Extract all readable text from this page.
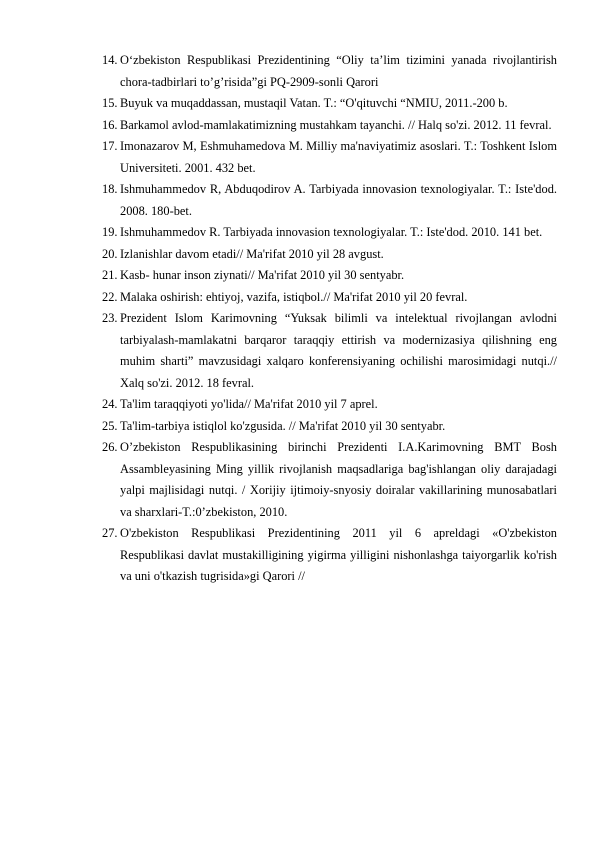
14. O‘zbekiston Respublikasi Prezidentining “Oliy ta’lim tizimini yanada rivojlantirish chora-tadbirlari to’g’risida”gi PQ-2909-sonli Qarori
15. Buyuk va muqaddassan, mustaqil Vatan. T.: “O'qituvchi “NMIU, 2011.-200 b.
16. Barkamol avlod-mamlakatimizning mustahkam tayanchi. // Halq so'zi. 2012. 11 fevral.
17. Imonazarov M, Eshmuhamedova M. Milliy ma'naviyatimiz asoslari. T.: Toshkent Islom Universiteti. 2001. 432 bet.
18. Ishmuhammedov R, Abduqodirov A. Tarbiyada innovasion texnologiyalar. T.: Iste'dod. 2008. 180-bet.
19. Ishmuhammedov R. Tarbiyada innovasion texnologiyalar. T.: Iste'dod. 2010. 141 bet.
20. Izlanishlar davom etadi// Ma'rifat 2010 yil 28 avgust.
21. Kasb- hunar inson ziynati// Ma'rifat 2010 yil 30 sentyabr.
22. Malaka oshirish: ehtiyoj, vazifa, istiqbol.// Ma'rifat 2010 yil 20 fevral.
23. Prezident Islom Karimovning “Yuksak bilimli va intelektual rivojlangan avlodni tarbiyalash-mamlakatni barqaror taraqqiy ettirish va modernizasiya qilishning eng muhim sharti” mavzusidagi xalqaro konferensiyaning ochilishi marosimidagi nutqi.// Xalq so'zi. 2012. 18 fevral.
24. Ta'lim taraqqiyoti yo'lida// Ma'rifat 2010 yil 7 aprel.
25. Ta'lim-tarbiya istiqlol ko'zgusida. // Ma'rifat 2010 yil 30 sentyabr.
26. O’zbekiston Respublikasining birinchi Prezidenti I.A.Karimovning BMT Bosh Assambleyasining Ming yillik rivojlanish maqsadlariga bag'ishlangan oliy darajadagi yalpi majlisidagi nutqi. / Xorijiy ijtimoiy-snyosiy doiralar vakillarining munosabatlari va sharxlari-T.:0’zbekiston, 2010.
27. O'zbekiston Respublikasi Prezidentining 2011 yil 6 apreldagi «O'zbekiston Respublikasi davlat mustakilligining yigirma yilligini nishonlashga taiyorgarlik ko'rish va uni o'tkazish tugrisida»gi Qarori //
